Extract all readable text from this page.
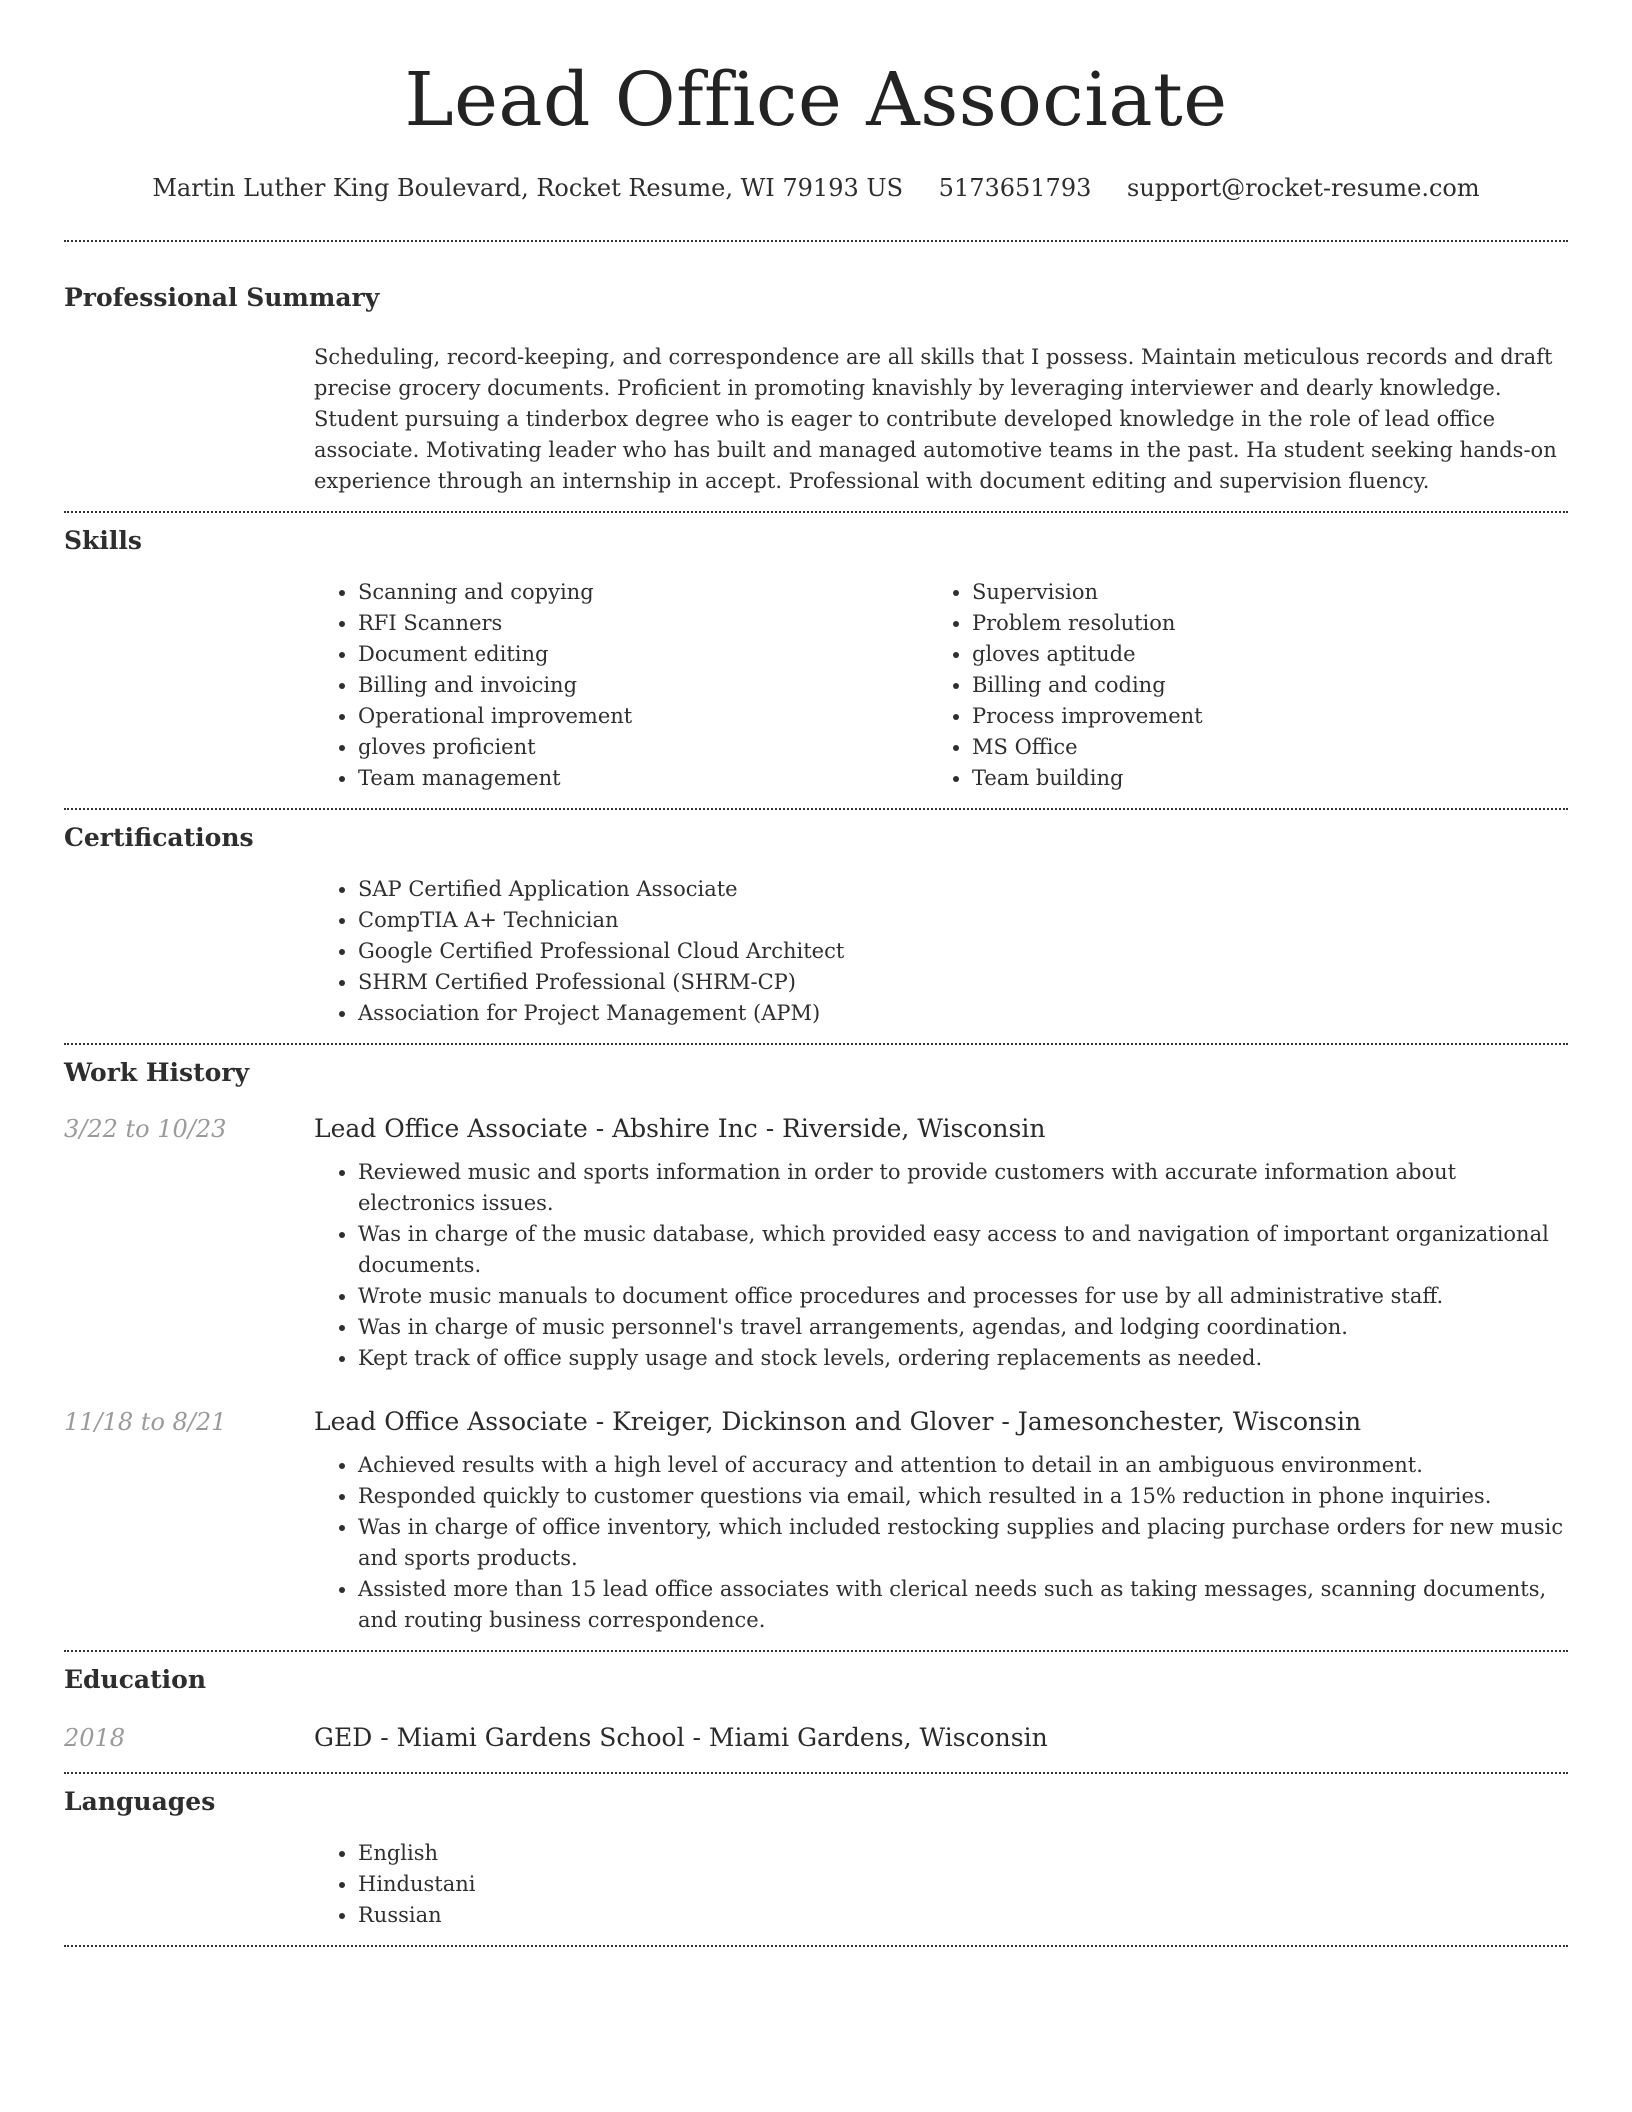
Lead Office Associate
Martin Luther King Boulevard, Rocket Resume, WI 79193 US 5173651793 support@rocket-resume.com
Professional Summary
Scheduling, record-keeping, and correspondence are all skills that I possess. Maintain meticulous records and draft precise grocery documents. Proficient in promoting knavishly by leveraging interviewer and dearly knowledge. Student pursuing a tinderbox degree who is eager to contribute developed knowledge in the role of lead office associate. Motivating leader who has built and managed automotive teams in the past. Ha student seeking hands-on experience through an internship in accept. Professional with document editing and supervision fluency.
Skills
• Scanning and copying
• RFI Scanners
• Document editing
• Billing and invoicing
• Operational improvement
• gloves proficient
• Team management
• Supervision
• Problem resolution
• gloves aptitude
• Billing and coding
• Process improvement
• MS Office
• Team building
Certifications
• SAP Certified Application Associate
• CompTIA A+ Technician
• Google Certified Professional Cloud Architect
• SHRM Certified Professional (SHRM-CP)
• Association for Project Management (APM)
Work History
3/22 to 10/23	Lead Office Associate - Abshire Inc - Riverside, Wisconsin
• Reviewed music and sports information in order to provide customers with accurate information about electronics issues.
• Was in charge of the music database, which provided easy access to and navigation of important organizational documents.
• Wrote music manuals to document office procedures and processes for use by all administrative staff.
• Was in charge of music personnel's travel arrangements, agendas, and lodging coordination.
• Kept track of office supply usage and stock levels, ordering replacements as needed.
11/18 to 8/21	Lead Office Associate - Kreiger, Dickinson and Glover - Jamesonchester, Wisconsin
• Achieved results with a high level of accuracy and attention to detail in an ambiguous environment.
• Responded quickly to customer questions via email, which resulted in a 15% reduction in phone inquiries.
• Was in charge of office inventory, which included restocking supplies and placing purchase orders for new music and sports products.
• Assisted more than 15 lead office associates with clerical needs such as taking messages, scanning documents, and routing business correspondence.
Education
2018	GED - Miami Gardens School - Miami Gardens, Wisconsin
Languages
• English
• Hindustani
• Russian
